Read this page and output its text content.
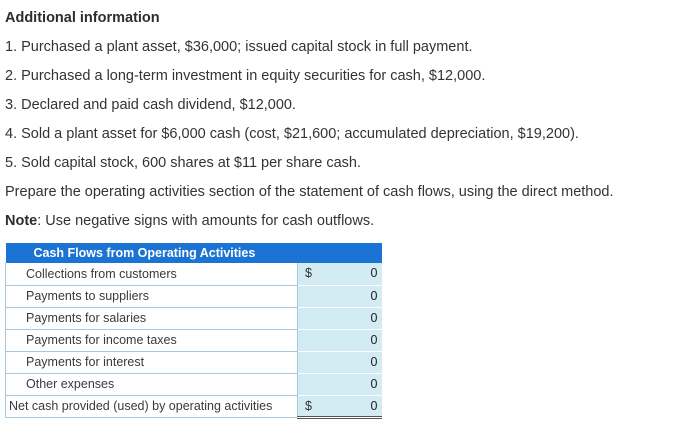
Additional information
1. Purchased a plant asset, $36,000; issued capital stock in full payment.
2. Purchased a long-term investment in equity securities for cash, $12,000.
3. Declared and paid cash dividend, $12,000.
4. Sold a plant asset for $6,000 cash (cost, $21,600; accumulated depreciation, $19,200).
5. Sold capital stock, 600 shares at $11 per share cash.
Prepare the operating activities section of the statement of cash flows, using the direct method.
Note: Use negative signs with amounts for cash outflows.
Cash Flows from Operating Activities	
Collections from customers	$ 0

Payments to suppliers	0

Payments for salaries	0

Payments for income taxes	0

Payments for interest	0

Other expenses	0

Net cash provided (used) by operating activities	$ 0
